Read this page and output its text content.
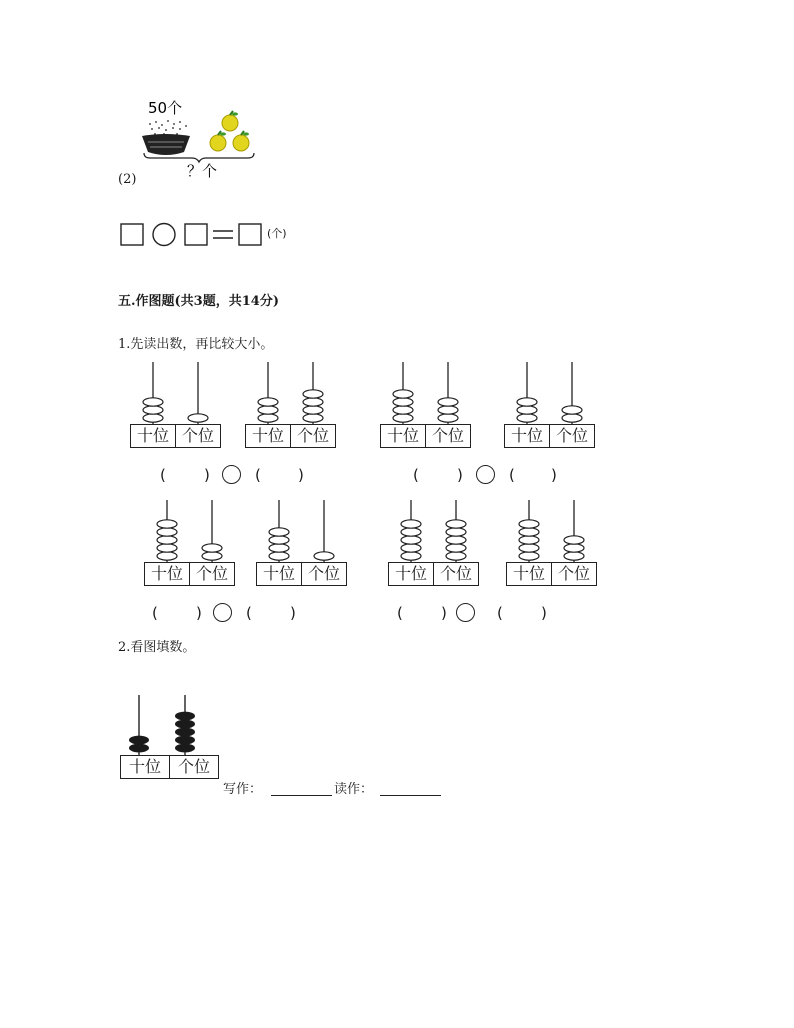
50个
？个
(2)
(个)
五.作图题(共3题，共14分)
1.先读出数，再比较大小。
十位 个位	十位 个位	十位 个位	十位 个位
十位 个位	十位 个位	十位 个位	十位 个位
(	)	( )	(	)	( )
(	)	(	)	(	)	(	)
2.看图填数。
十位	个位
写作：	读作：
